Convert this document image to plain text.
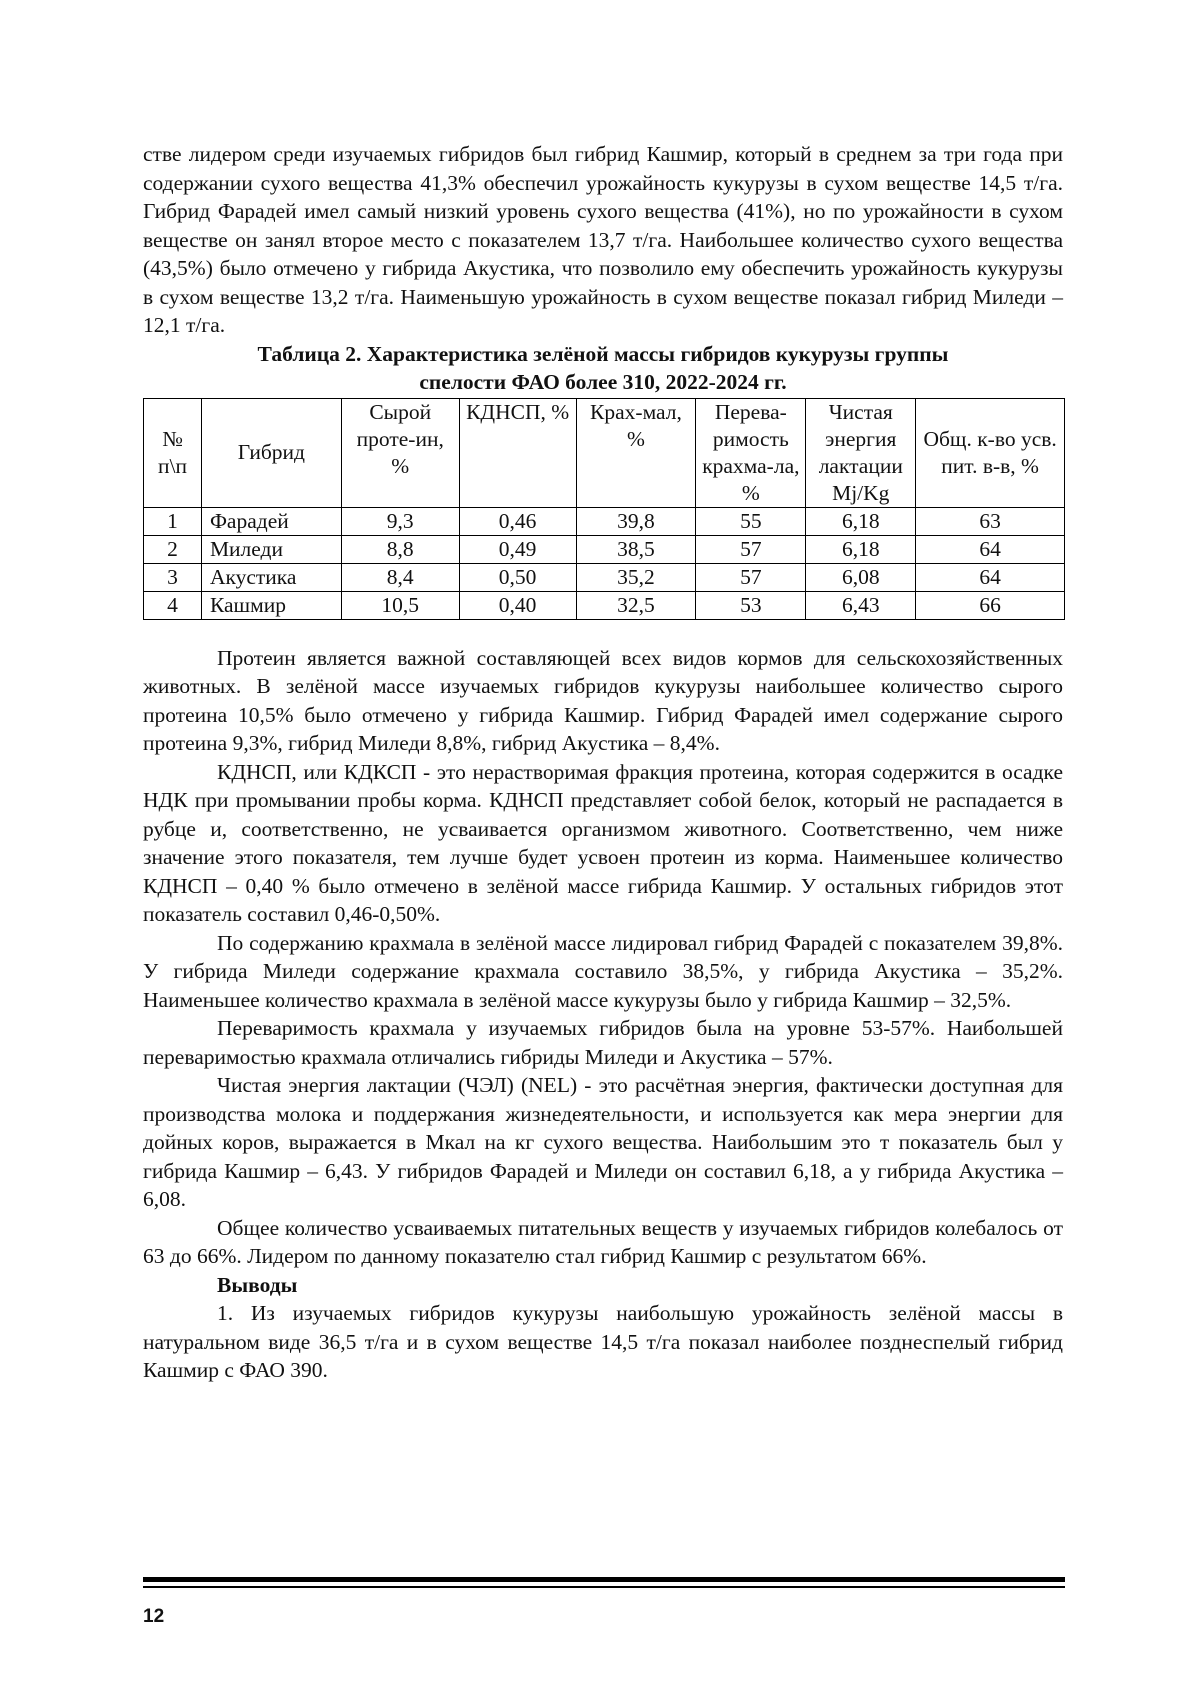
стве лидером среди изучаемых гибридов был гибрид Кашмир, который в среднем за три года при содержании сухого вещества 41,3% обеспечил урожайность кукурузы в сухом веществе 14,5 т/га. Гибрид Фарадей имел самый низкий уровень сухого вещества (41%), но по урожайности в сухом веществе он занял второе место с показателем 13,7 т/га. Наибольшее количество сухого вещества (43,5%) было отмечено у гибрида Акустика, что позволило ему обеспечить урожайность кукурузы в сухом веществе 13,2 т/га. Наименьшую урожайность в сухом веществе показал гибрид Миледи – 12,1 т/га.

Таблица 2. Характеристика зелёной массы гибридов кукурузы группы
спелости ФАО более 310, 2022-2024 гг.
№ п\п	Гибрид	Сырой проте-ин, %	КДНСП, %	Крах-мал, %	Перева-римость крахма-ла, %	Чистая энергия лактации Mj/Kg	Общ. к-во усв. пит. в-в, %
1	Фарадей	9,3	0,46	39,8	55	6,18	63
2	Миледи	8,8	0,49	38,5	57	6,18	64
3	Акустика	8,4	0,50	35,2	57	6,08	64
4	Кашмир	10,5	0,40	32,5	53	6,43	66

Протеин является важной составляющей всех видов кормов для сельскохозяйственных животных. В зелёной массе изучаемых гибридов кукурузы наибольшее количество сырого протеина 10,5% было отмечено у гибрида Кашмир. Гибрид Фарадей имел содержание сырого протеина 9,3%, гибрид Миледи 8,8%, гибрид Акустика – 8,4%.

КДНСП, или КДКСП - это нерастворимая фракция протеина, которая содержится в осадке НДК при промывании пробы корма. КДНСП представляет собой белок, который не распадается в рубце и, соответственно, не усваивается организмом животного. Соответственно, чем ниже значение этого показателя, тем лучше будет усвоен протеин из корма. Наименьшее количество КДНСП – 0,40 % было отмечено в зелёной массе гибрида Кашмир. У остальных гибридов этот показатель составил 0,46-0,50%.

По содержанию крахмала в зелёной массе лидировал гибрид Фарадей с показателем 39,8%. У гибрида Миледи содержание крахмала составило 38,5%, у гибрида Акустика – 35,2%. Наименьшее количество крахмала в зелёной массе кукурузы было у гибрида Кашмир – 32,5%.

Переваримость крахмала у изучаемых гибридов была на уровне 53-57%. Наибольшей переваримостью крахмала отличались гибриды Миледи и Акустика – 57%.

Чистая энергия лактации (ЧЭЛ) (NEL) - это расчётная энергия, фактически доступная для производства молока и поддержания жизнедеятельности, и используется как мера энергии для дойных коров, выражается в Мкал на кг сухого вещества. Наибольшим это т показатель был у гибрида Кашмир – 6,43. У гибридов Фарадей и Миледи он составил 6,18, а у гибрида Акустика – 6,08.

Общее количество усваиваемых питательных веществ у изучаемых гибридов колебалось от 63 до 66%. Лидером по данному показателю стал гибрид Кашмир с результатом 66%.

Выводы

1. Из изучаемых гибридов кукурузы наибольшую урожайность зелёной массы в натуральном виде 36,5 т/га и в сухом веществе 14,5 т/га показал наиболее позднеспелый гибрид Кашмир с ФАО 390.

12
